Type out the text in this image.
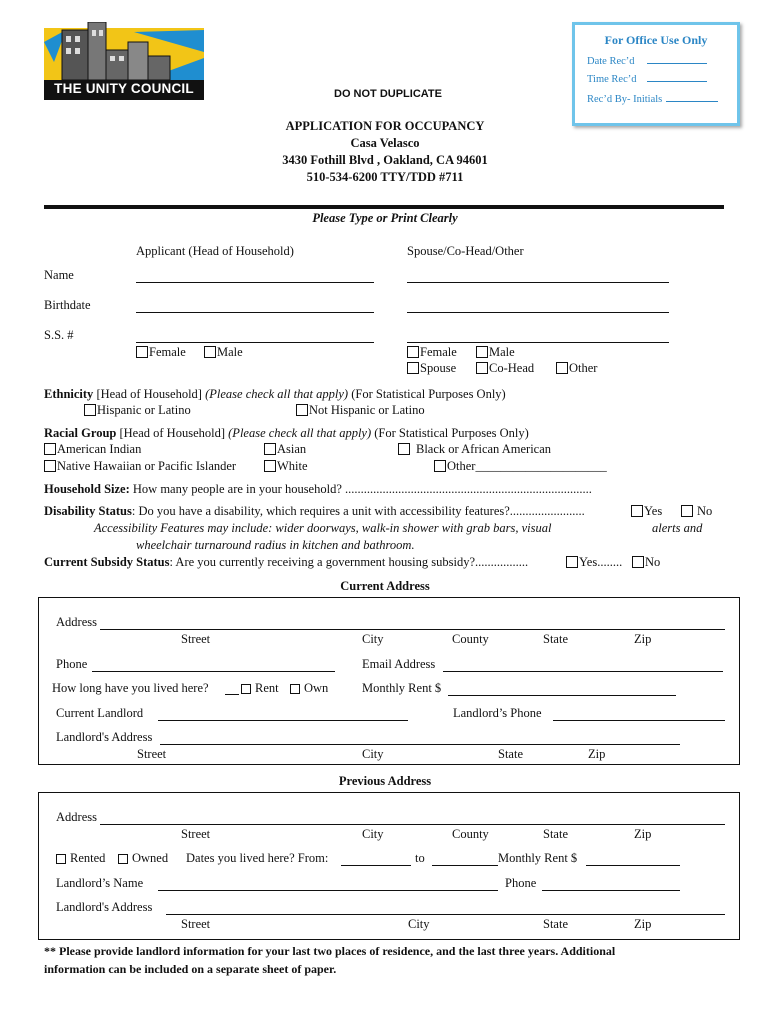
THE UNITY COUNCIL
For Office Use Only
Date Rec’d
Time Rec’d
Rec’d By- Initials
DO NOT DUPLICATE
APPLICATION FOR OCCUPANCY
Casa Velasco
3430 Fothill Blvd , Oakland, CA 94601
510-534-6200 TTY/TDD #711
Please Type or Print Clearly
Applicant (Head of Household)	Spouse/Co-Head/Other
Name
Birthdate
S.S. #
Female	Male	Female	Male
Spouse	Co-Head	Other
Ethnicity [Head of Household] (Please check all that apply) (For Statistical Purposes Only)
Hispanic or Latino	Not Hispanic or Latino
Racial Group [Head of Household] (Please check all that apply) (For Statistical Purposes Only)
American Indian	Asian	Black or African American
Native Hawaiian or Pacific Islander	White	Other_____________________
Household Size: How many people are in your household? ...............................................................................
Disability Status: Do you have a disability, which requires a unit with accessibility features?........................	Yes	No
Accessibility Features may include: wider doorways, walk-in shower with grab bars, visual	alerts and
wheelchair turnaround radius in kitchen and bathroom.
Current Subsidy Status: Are you currently receiving a government housing subsidy?.................	Yes........	No
Current Address
Address
Street	City	County	State	Zip
Phone	Email Address
How long have you lived here?	Rent	Own	Monthly Rent $
Current Landlord	Landlord’s Phone
Landlord's Address
Street	City	State	Zip
Previous Address
Address
Street	City	County	State	Zip
Rented	Owned Dates you lived here? From:	to	Monthly Rent $
Landlord’s Name	Phone
Landlord's Address
Street	City	State	Zip
** Please provide landlord information for your last two places of residence, and the last three years. Additional
information can be included on a separate sheet of paper.
